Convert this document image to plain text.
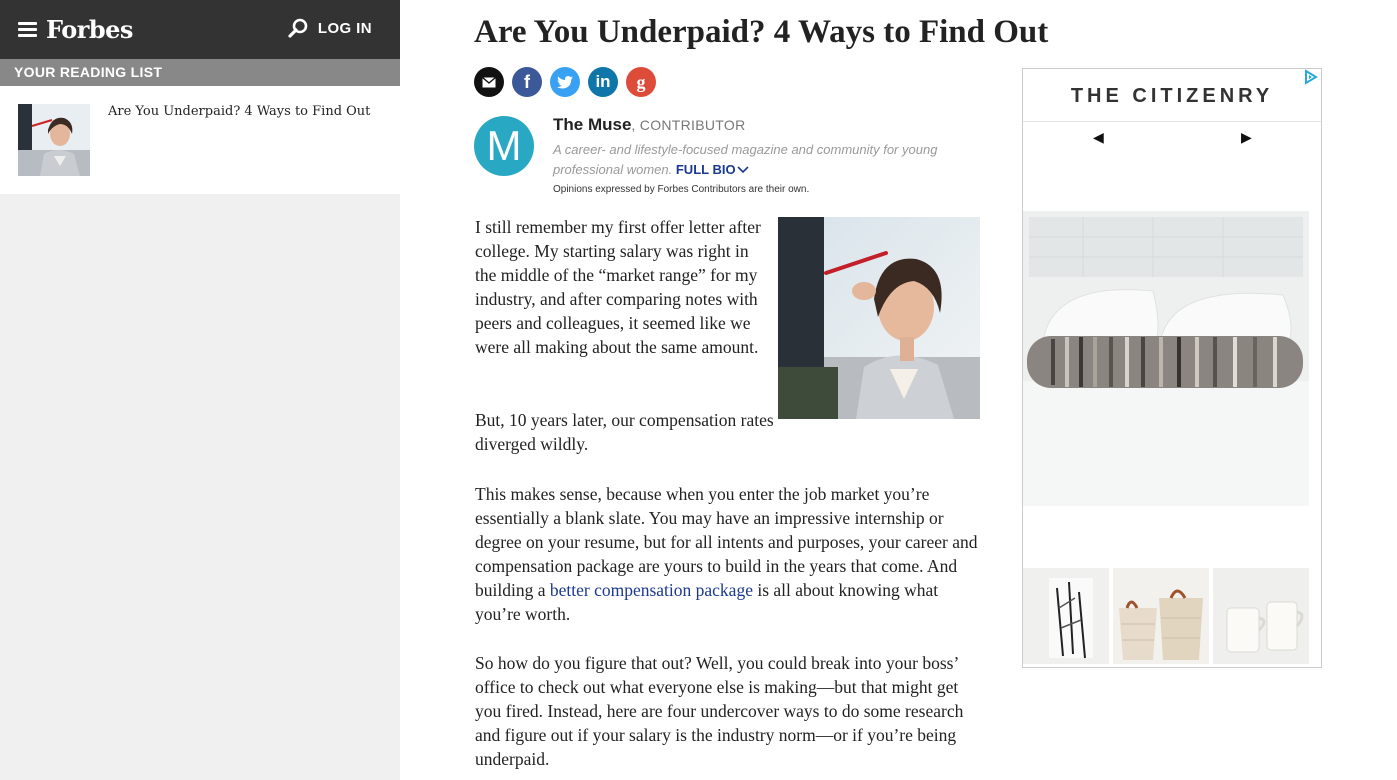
Forbes	LOG IN
YOUR READING LIST
Are You Underpaid? 4 Ways to Find Out
Are You Underpaid? 4 Ways to Find Out
f	in g
M	The Muse, CONTRIBUTOR
A career- and lifestyle-focused magazine and community for young professional women. FULL BIO
Opinions expressed by Forbes Contributors are their own.

I still remember my first offer letter after college. My starting salary was right in the middle of the “market range” for my industry, and after comparing notes with peers and colleagues, it seemed like we were all making about the same amount.

But, 10 years later, our compensation rates diverged wildly.

This makes sense, because when you enter the job market you’re essentially a blank slate. You may have an impressive internship or degree on your resume, but for all intents and purposes, your career and compensation package are yours to build in the years that come. And building a better compensation package is all about knowing what you’re worth.

So how do you figure that out? Well, you could break into your boss’ office to check out what everyone else is making—but that might get you fired. Instead, here are four undercover ways to do some research and figure out if your salary is the industry norm—or if you’re being underpaid.

THE CITIZENRY
◀	▶
